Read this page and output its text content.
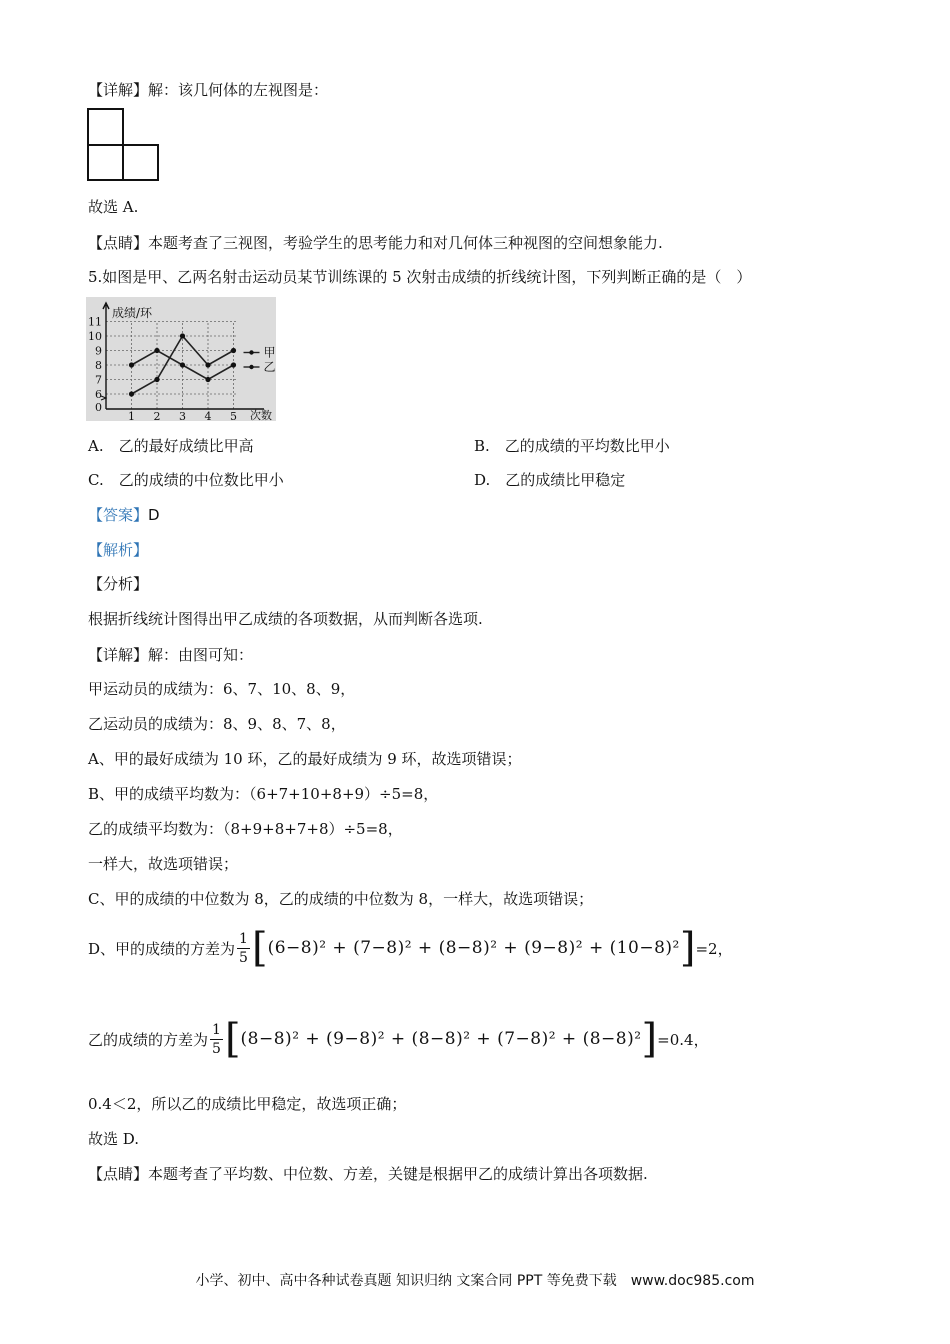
【详解】解：该几何体的左视图是：
故选 A.
【点睛】本题考查了三视图，考验学生的思考能力和对几何体三种视图的空间想象能力.
5.如图是甲、乙两名射击运动员某节训练课的 5 次射击成绩的折线统计图，下列判断正确的是（　）
0
6
7
8
9
10
11
1 2 3 4 5
成绩/环
次数
甲
乙
A.　乙的最好成绩比甲高	B.　乙的成绩的平均数比甲小
C.　乙的成绩的中位数比甲小	D.　乙的成绩比甲稳定
【答案】D
【解析】
【分析】
根据折线统计图得出甲乙成绩的各项数据，从而判断各选项.
【详解】解：由图可知：
甲运动员的成绩为：6、7、10、8、9，
乙运动员的成绩为：8、9、8、7、8，
A、甲的最好成绩为 10 环，乙的最好成绩为 9 环，故选项错误；
B、甲的成绩平均数为：（6+7+10+8+9）÷5=8，
乙的成绩平均数为：（8+9+8+7+8）÷5=8，
一样大，故选项错误；
C、甲的成绩的中位数为 8，乙的成绩的中位数为 8，一样大，故选项错误；
D、甲的成绩的方差为 $\frac{1}{5}$ [ (6−8)² + (7−8)² + (8−8)² + (9−8)² + (10−8)² ] =2，
乙的成绩的方差为 $\frac{1}{5}$ [ (8−8)² + (9−8)² + (8−8)² + (7−8)² + (8−8)² ] =0.4，
0.4＜2，所以乙的成绩比甲稳定，故选项正确；
故选 D.
【点睛】本题考查了平均数、中位数、方差，关键是根据甲乙的成绩计算出各项数据.
小学、初中、高中各种试卷真题 知识归纳 文案合同 PPT 等免费下载　www.doc985.com
